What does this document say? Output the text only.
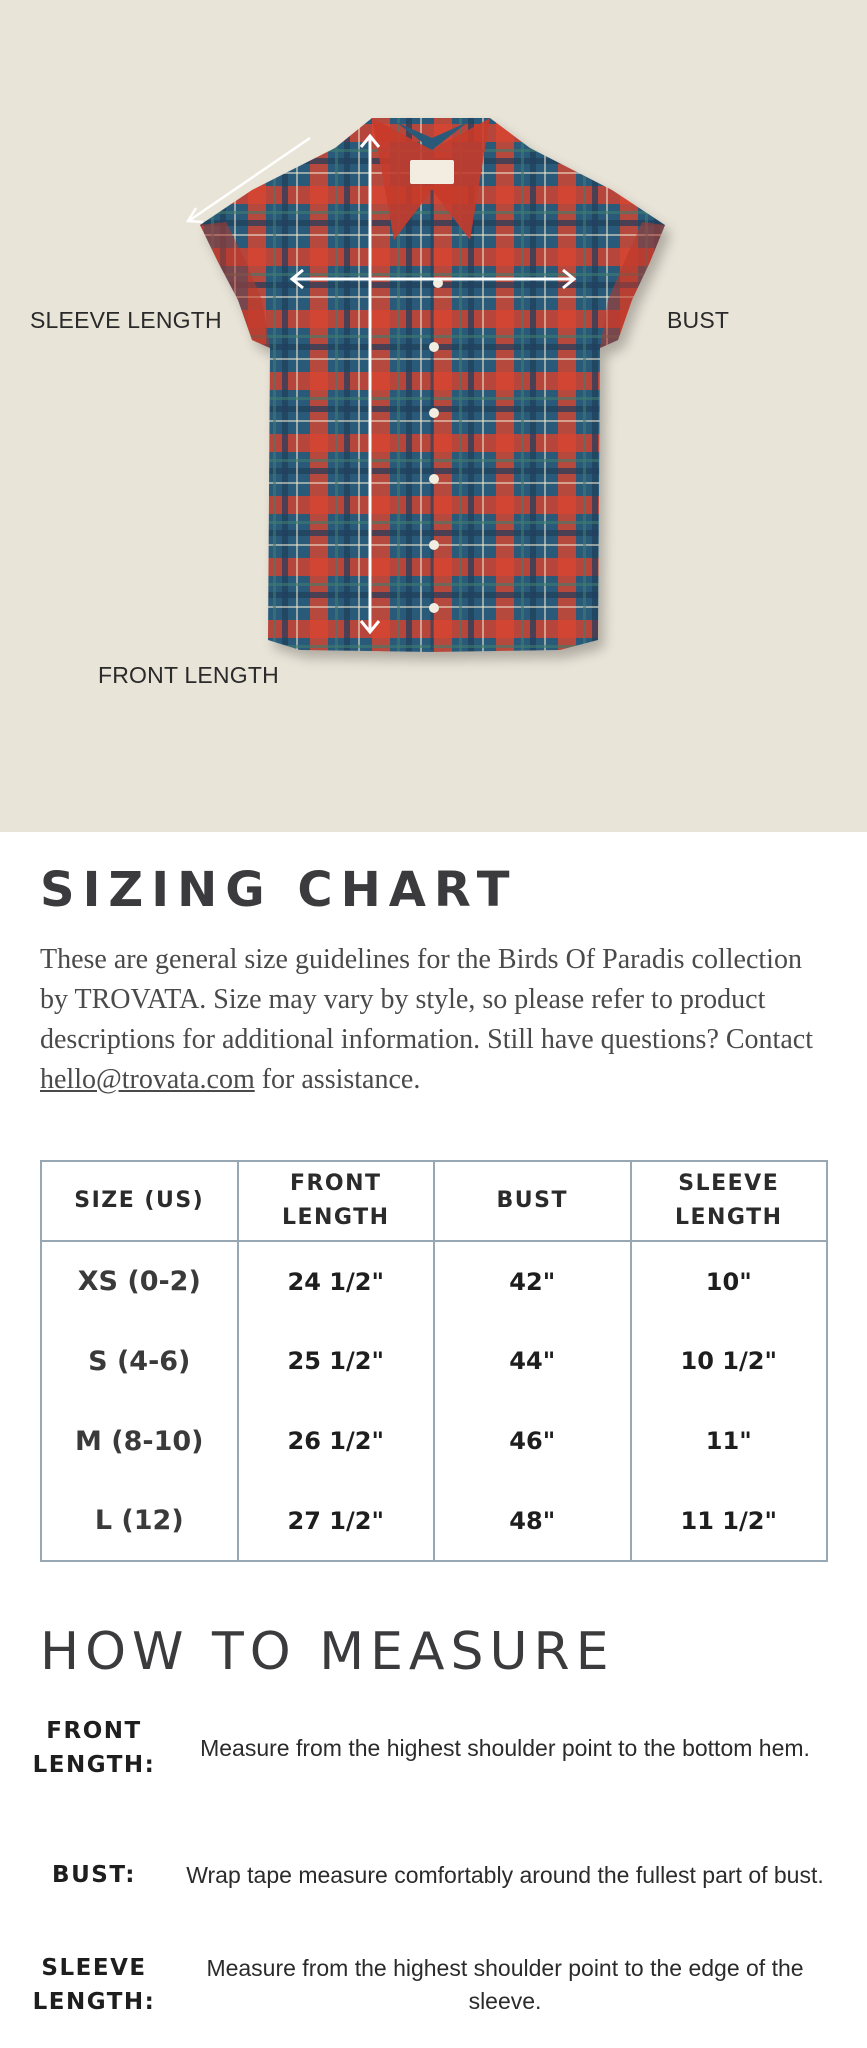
SLEEVE LENGTH	BUST
FRONT LENGTH
SIZING CHART

These are general size guidelines for the Birds Of Paradis collection by TROVATA. Size may vary by style, so please refer to product descriptions for additional information. Still have questions? Contact hello@trovata.com for assistance.

SIZE (US)	FRONT LENGTH	BUST	SLEEVE LENGTH
XS (0-2)	24 1/2"	42"	10"
S (4-6)	25 1/2"	44"	10 1/2"
M (8-10)	26 1/2"	46"	11"
L (12)	27 1/2"	48"	11 1/2"
HOW TO MEASURE
FRONT LENGTH:
Measure from the highest shoulder point to the bottom hem.
BUST:	Wrap tape measure comfortably around the fullest part of bust.
SLEEVE LENGTH:
Measure from the highest shoulder point to the edge of the sleeve.
